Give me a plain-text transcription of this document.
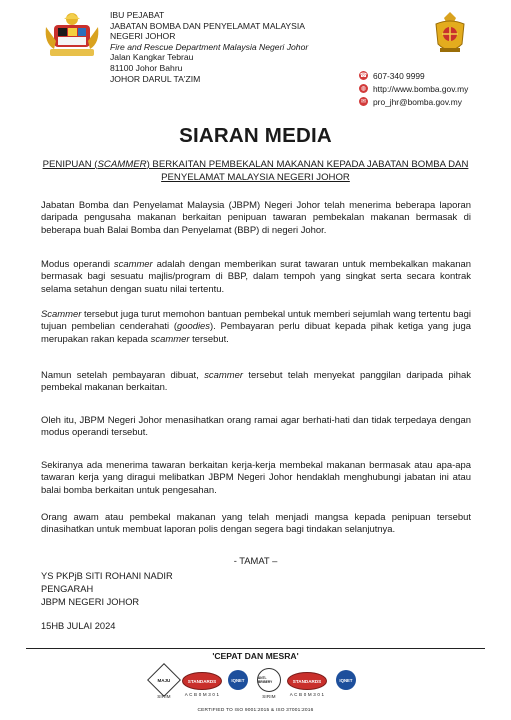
IBU PEJABAT
JABATAN BOMBA DAN PENYELAMAT MALAYSIA
NEGERI JOHOR
Fire and Rescue Department Malaysia Negeri Johor
Jalan Kangkar Tebrau
81100 Johor Bahru
JOHOR DARUL TA'ZIM	☎ 607-340 9999
◍ http://www.bomba.gov.my
✉ pro_jhr@bomba.gov.my
SIARAN MEDIA
PENIPUAN (SCAMMER) BERKAITAN PEMBEKALAN MAKANAN KEPADA JABATAN BOMBA DAN PENYELAMAT MALAYSIA NEGERI JOHOR
Jabatan Bomba dan Penyelamat Malaysia (JBPM) Negeri Johor telah menerima beberapa laporan daripada pengusaha makanan berkaitan penipuan tawaran pembekalan makanan bermasak di beberapa buah Balai Bomba dan Penyelamat (BBP) di negeri Johor.
Modus operandi scammer adalah dengan memberikan surat tawaran untuk membekalkan makanan bermasak bagi sesuatu majlis/program di BBP, dalam tempoh yang singkat serta secara kontrak selama setahun dengan suatu nilai tertentu.
Scammer tersebut juga turut memohon bantuan pembekal untuk memberi sejumlah wang tertentu bagi tujuan pembelian cenderahati (goodies). Pembayaran perlu dibuat kepada pihak ketiga yang juga merupakan rakan kepada scammer tersebut.
Namun setelah pembayaran dibuat, scammer tersebut telah menyekat panggilan daripada pihak pembekal makanan berkaitan.
Oleh itu, JBPM Negeri Johor menasihatkan orang ramai agar berhati-hati dan tidak terpedaya dengan modus operandi tersebut.
Sekiranya ada menerima tawaran berkaitan kerja-kerja membekal makanan bermasak atau apa-apa tawaran kerja yang diragui melibatkan JBPM Negeri Johor hendaklah menghubungi jabatan ini atau balai bomba berkaitan untuk pengesahan.
Orang awam atau pembekal makanan yang telah menjadi mangsa kepada penipuan tersebut dinasihatkan untuk membuat laporan polis dengan segera bagi tindakan selanjutnya.
- TAMAT –
YS PKPjB SITI ROHANI NADIR
PENGARAH
JBPM NEGERI JOHOR
15HB JULAI 2024
'CEPAT DAN MESRA'
MAJU
SIRIM
STANDARDS
A C B 0 M 3 0 1
IQNET	ANTI-BRIBERY
SIRIM
STANDARDS
A C B 0 M 3 0 1
IQNET
CERTIFIED TO ISO 9001:2015 & ISO 37001:2016
